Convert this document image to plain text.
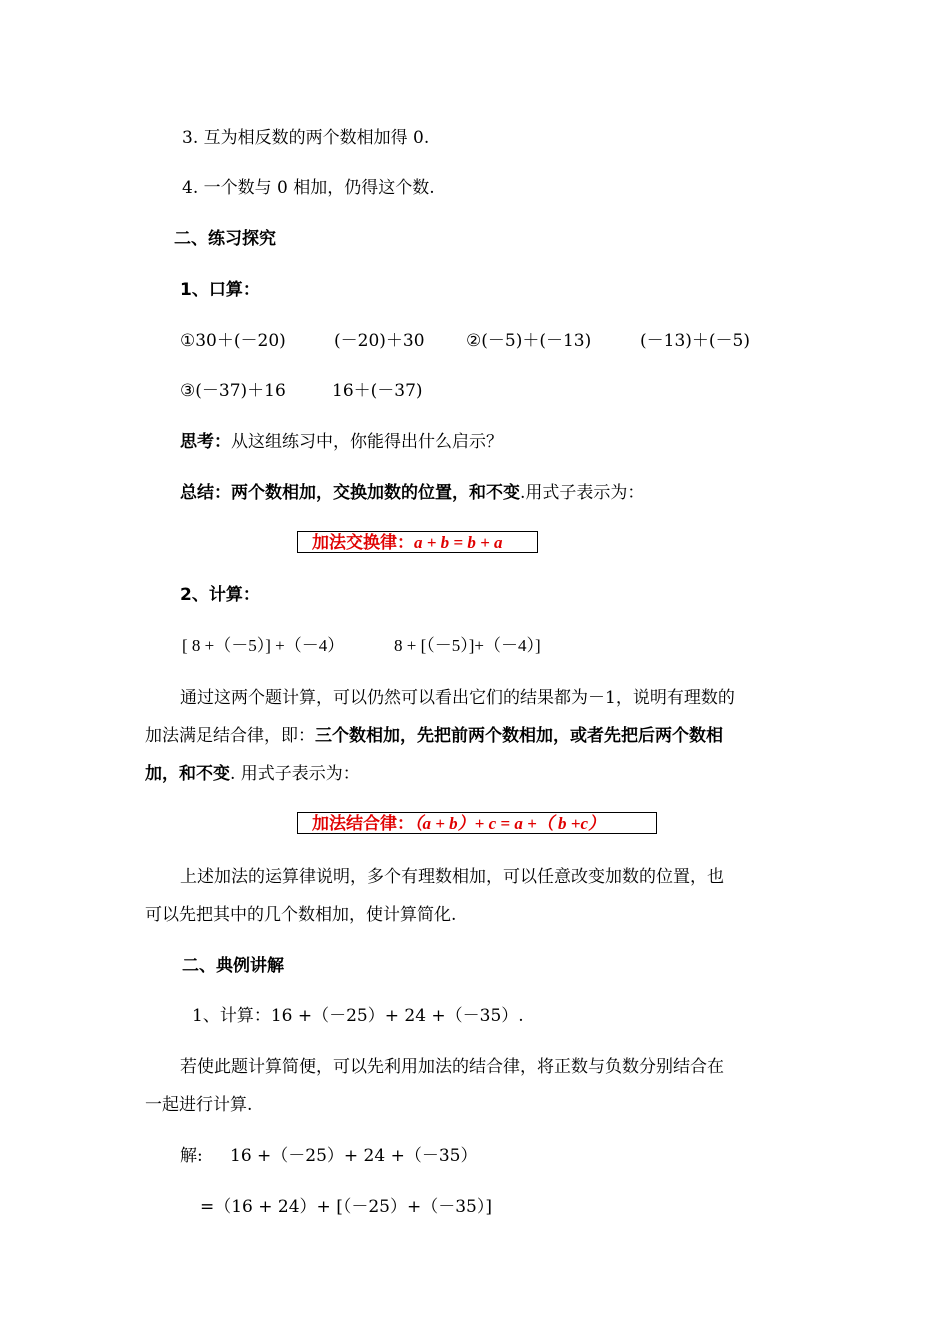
3. 互为相反数的两个数相加得 0.
4. 一个数与 0 相加，仍得这个数.
二、练习探究
1、口算：
①30＋(－20)	(－20)＋30 ②(－5)＋(－13)	(－13)＋(－5)
③(－37)＋16	16＋(－37)
思考：从这组练习中，你能得出什么启示？
总结：两个数相加，交换加数的位置，和不变.用式子表示为：
加法交换律：a + b = b + a
2、计算：
[ 8 +（－5）] +（－4）	8 + [（－5）]+（－4）]
通过这两个题计算，可以仍然可以看出它们的结果都为－1，说明有理数的
加法满足结合律，即：三个数相加，先把前两个数相加，或者先把后两个数相
加，和不变. 用式子表示为：
加法结合律：（a + b）+ c = a +（ b +c）
上述加法的运算律说明，多个有理数相加，可以任意改变加数的位置，也
可以先把其中的几个数相加，使计算简化.
二、典例讲解
1、计算：16 +（－25）+ 24 +（－35）.
若使此题计算简便，可以先利用加法的结合律，将正数与负数分别结合在
一起进行计算.
解: 16 +（－25）+ 24 +（－35）
=（16 + 24）+ [（－25）+（－35）]
